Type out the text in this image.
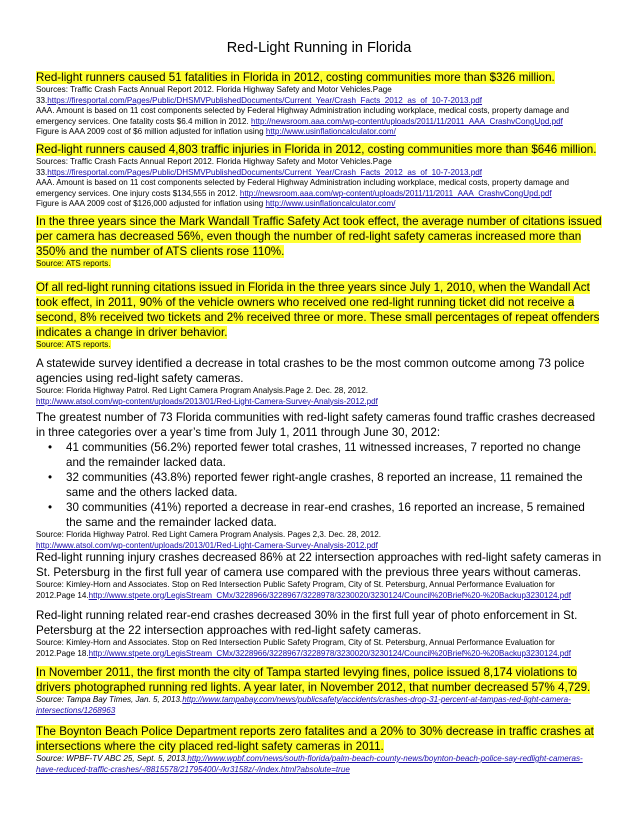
Red-Light Running in Florida

Red-light runners caused 51 fatalities in Florida in 2012, costing communities more than $326 million.

Sources: Traffic Crash Facts Annual Report 2012. Florida Highway Safety and Motor Vehicles.Page

33.https://firesportal.com/Pages/Public/DHSMVPublishedDocuments/Current_Year/Crash_Facts_2012_as_of_10-7-2013.pdf

AAA. Amount is based on 11 cost components selected by Federal Highway Administration including workplace, medical costs, property damage and

emergency services. One fatality costs $6.4 million in 2012. http://newsroom.aaa.com/wp-content/uploads/2011/11/2011_AAA_CrashvCongUpd.pdf

Figure is AAA 2009 cost of $6 million adjusted for inflation using http://www.usinflationcalculator.com/

Red-light runners caused 4,803 traffic injuries in Florida in 2012, costing communities more than $646 million.

Sources: Traffic Crash Facts Annual Report 2012. Florida Highway Safety and Motor Vehicles.Page

33.https://firesportal.com/Pages/Public/DHSMVPublishedDocuments/Current_Year/Crash_Facts_2012_as_of_10-7-2013.pdf

AAA. Amount is based on 11 cost components selected by Federal Highway Administration including workplace, medical costs, property damage and

emergency services. One injury costs $134,555 in 2012. http://newsroom.aaa.com/wp-content/uploads/2011/11/2011_AAA_CrashvCongUpd.pdf

Figure is AAA 2009 cost of $126,000 adjusted for inflation using http://www.usinflationcalculator.com/

In the three years since the Mark Wandall Traffic Safety Act took effect, the average number of citations issued per camera has decreased 56%, even though the number of red-light safety cameras increased more than 350% and the number of ATS clients rose 110%.

Source: ATS reports.

Of all red-light running citations issued in Florida in the three years since July 1, 2010, when the Wandall Act took effect, in 2011, 90% of the vehicle owners who received one red-light running ticket did not receive a second, 8% received two tickets and 2% received three or more. These small percentages of repeat offenders indicates a change in driver behavior.

Source: ATS reports.

A statewide survey identified a decrease in total crashes to be the most common outcome among 73 police agencies using red-light safety cameras.

Source: Florida Highway Patrol. Red Light Camera Program Analysis.Page 2. Dec. 28, 2012.

http://www.atsol.com/wp-content/uploads/2013/01/Red-Light-Camera-Survey-Analysis-2012.pdf

The greatest number of 73 Florida communities with red-light safety cameras found traffic crashes decreased in three categories over a year’s time from July 1, 2011 through June 30, 2012:

• 41 communities (56.2%) reported fewer total crashes, 11 witnessed increases, 7 reported no change and the remainder lacked data.
• 32 communities (43.8%) reported fewer right-angle crashes, 8 reported an increase, 11 remained the same and the others lacked data.
• 30 communities (41%) reported a decrease in rear-end crashes, 16 reported an increase, 5 remained the same and the remainder lacked data.

Source: Florida Highway Patrol. Red Light Camera Program Analysis. Pages 2,3. Dec. 28, 2012.

http://www.atsol.com/wp-content/uploads/2013/01/Red-Light-Camera-Survey-Analysis-2012.pdf

Red-light running injury crashes decreased 86% at 22 intersection approaches with red-light safety cameras in St. Petersburg in the first full year of camera use compared with the previous three years without cameras.

Source: Kimley-Horn and Associates. Stop on Red Intersection Public Safety Program, City of St. Petersburg, Annual Performance Evaluation for

2012.Page 14.http://www.stpete.org/LegisStream_CMx/3228966/3228967/3228978/3230020/3230124/Council%20Brief%20-%20Backup3230124.pdf

Red-light running related rear-end crashes decreased 30% in the first full year of photo enforcement in St. Petersburg at the 22 intersection approaches with red-light safety cameras.

Source: Kimley-Horn and Associates. Stop on Red Intersection Public Safety Program, City of St. Petersburg, Annual Performance Evaluation for

2012.Page 18.http://www.stpete.org/LegisStream_CMx/3228966/3228967/3228978/3230020/3230124/Council%20Brief%20-%20Backup3230124.pdf

In November 2011, the first month the city of Tampa started levying fines, police issued 8,174 violations to drivers photographed running red lights. A year later, in November 2012, that number decreased 57% 4,729.

Source: Tampa Bay Times, Jan. 5, 2013.http://www.tampabay.com/news/publicsafety/accidents/crashes-drop-31-percent-at-tampas-red-light-camera-intersections/1268963

The Boynton Beach Police Department reports zero fatalites and a 20% to 30% decrease in traffic crashes at intersections where the city placed red-light safety cameras in 2011.

Source: WPBF-TV ABC 25, Sept. 5, 2013.http://www.wpbf.com/news/south-florida/palm-beach-county-news/boynton-beach-police-say-redlight-cameras-have-reduced-traffic-crashes/-/8815578/21795400/-/kr3158z/-/index.html?absolute=true
